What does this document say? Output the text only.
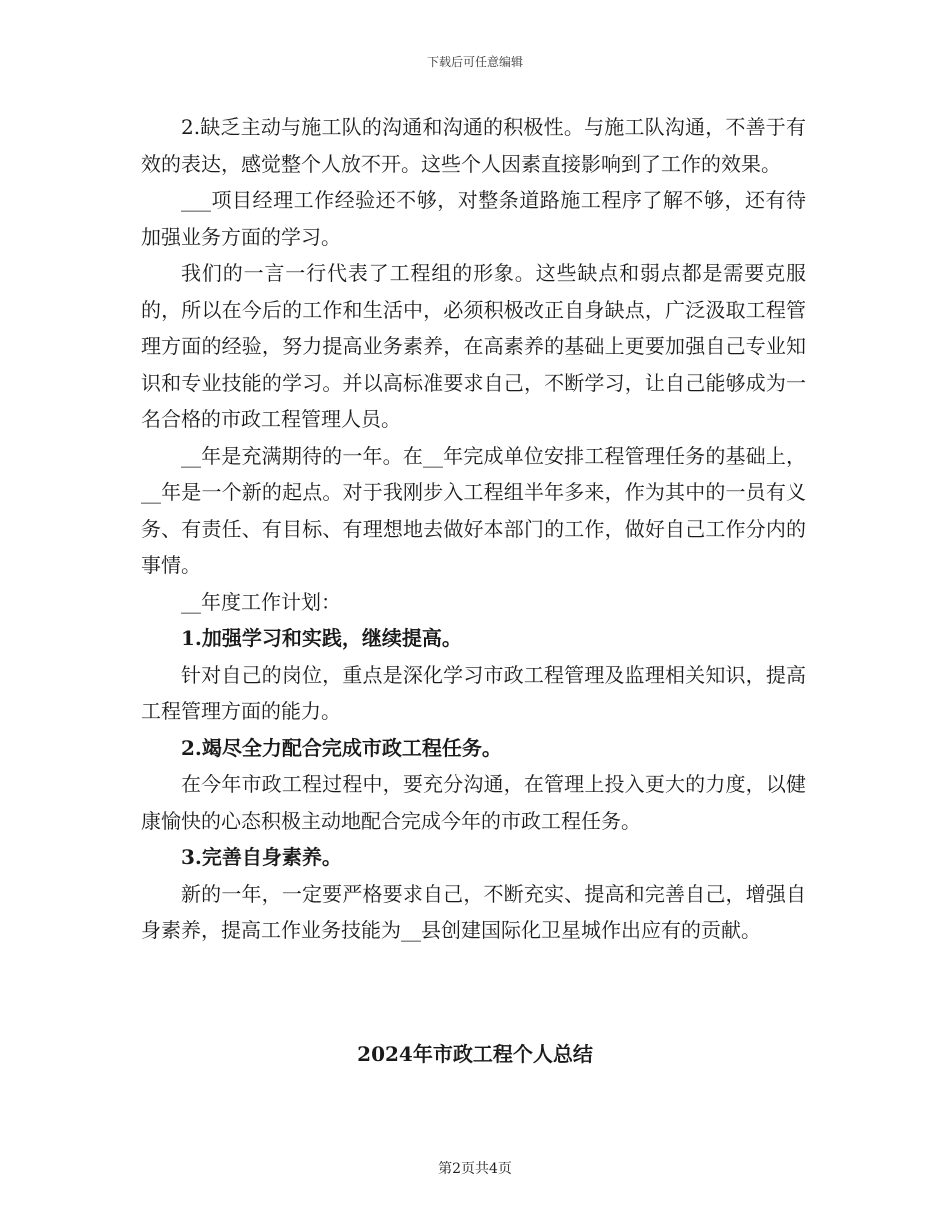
下载后可任意编辑

2.缺乏主动与施工队的沟通和沟通的积极性。与施工队沟通，不善于有效的表达，感觉整个人放不开。这些个人因素直接影响到了工作的效果。

___项目经理工作经验还不够，对整条道路施工程序了解不够，还有待加强业务方面的学习。

我们的一言一行代表了工程组的形象。这些缺点和弱点都是需要克服的，所以在今后的工作和生活中，必须积极改正自身缺点，广泛汲取工程管理方面的经验，努力提高业务素养，在高素养的基础上更要加强自己专业知识和专业技能的学习。并以高标准要求自己，不断学习，让自己能够成为一名合格的市政工程管理人员。

__年是充满期待的一年。在__年完成单位安排工程管理任务的基础上，__年是一个新的起点。对于我刚步入工程组半年多来，作为其中的一员有义务、有责任、有目标、有理想地去做好本部门的工作，做好自己工作分内的事情。

__年度工作计划：

1.加强学习和实践，继续提高。

针对自己的岗位，重点是深化学习市政工程管理及监理相关知识，提高工程管理方面的能力。

2.竭尽全力配合完成市政工程任务。

在今年市政工程过程中，要充分沟通，在管理上投入更大的力度，以健康愉快的心态积极主动地配合完成今年的市政工程任务。

3.完善自身素养。

新的一年，一定要严格要求自己，不断充实、提高和完善自己，增强自身素养，提高工作业务技能为__县创建国际化卫星城作出应有的贡献。

2024年市政工程个人总结
第2页共4页
